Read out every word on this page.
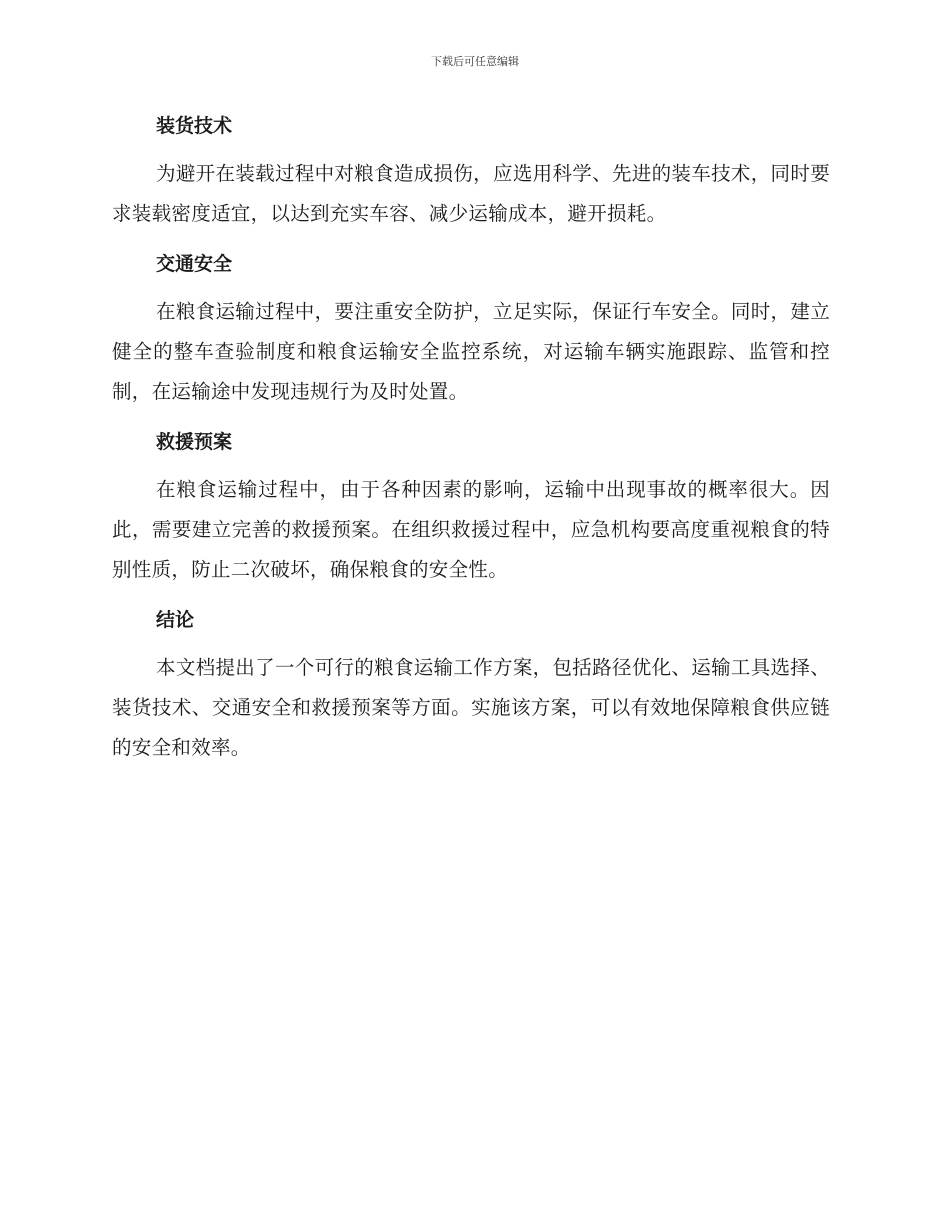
下载后可任意编辑
装货技术

为避开在装载过程中对粮食造成损伤，应选用科学、先进的装车技术，同时要求装载密度适宜，以达到充实车容、减少运输成本，避开损耗。

交通安全

在粮食运输过程中，要注重安全防护，立足实际，保证行车安全。同时，建立健全的整车查验制度和粮食运输安全监控系统，对运输车辆实施跟踪、监管和控制，在运输途中发现违规行为及时处置。

救援预案

在粮食运输过程中，由于各种因素的影响，运输中出现事故的概率很大。因此，需要建立完善的救援预案。在组织救援过程中，应急机构要高度重视粮食的特别性质，防止二次破坏，确保粮食的安全性。

结论

本文档提出了一个可行的粮食运输工作方案，包括路径优化、运输工具选择、装货技术、交通安全和救援预案等方面。实施该方案，可以有效地保障粮食供应链的安全和效率。
